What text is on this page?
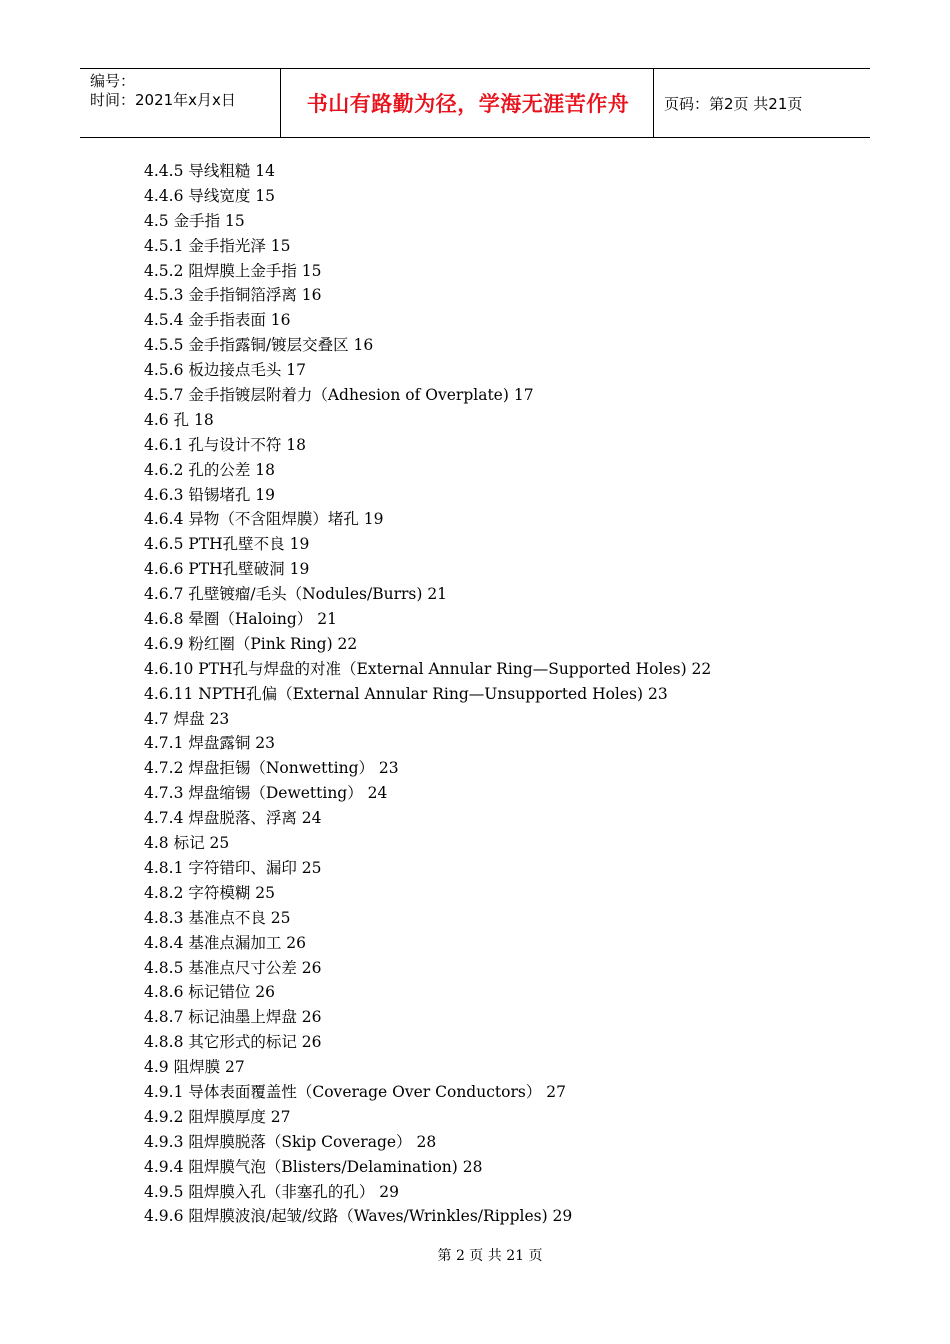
编号：
时间：2021年x月x日	书山有路勤为径，学海无涯苦作舟 页码：第2页 共21页
4.4.5 导线粗糙 14
4.4.6 导线宽度 15
4.5 金手指 15
4.5.1 金手指光泽 15
4.5.2 阻焊膜上金手指 15
4.5.3 金手指铜箔浮离 16
4.5.4 金手指表面 16
4.5.5 金手指露铜/镀层交叠区 16
4.5.6 板边接点毛头 17
4.5.7 金手指镀层附着力（Adhesion of Overplate) 17
4.6 孔 18
4.6.1 孔与设计不符 18
4.6.2 孔的公差 18
4.6.3 铅锡堵孔 19
4.6.4 异物（不含阻焊膜）堵孔 19
4.6.5 PTH孔壁不良 19
4.6.6 PTH孔壁破洞 19
4.6.7 孔壁镀瘤/毛头（Nodules/Burrs) 21
4.6.8 晕圈（Haloing） 21
4.6.9 粉红圈（Pink Ring) 22
4.6.10 PTH孔与焊盘的对准（External Annular Ring—Supported Holes) 22
4.6.11 NPTH孔偏（External Annular Ring—Unsupported Holes) 23
4.7 焊盘 23
4.7.1 焊盘露铜 23
4.7.2 焊盘拒锡（Nonwetting） 23
4.7.3 焊盘缩锡（Dewetting） 24
4.7.4 焊盘脱落、浮离 24
4.8 标记 25
4.8.1 字符错印、漏印 25
4.8.2 字符模糊 25
4.8.3 基准点不良 25
4.8.4 基准点漏加工 26
4.8.5 基准点尺寸公差 26
4.8.6 标记错位 26
4.8.7 标记油墨上焊盘 26
4.8.8 其它形式的标记 26
4.9 阻焊膜 27
4.9.1 导体表面覆盖性（Coverage Over Conductors） 27
4.9.2 阻焊膜厚度 27
4.9.3 阻焊膜脱落（Skip Coverage） 28
4.9.4 阻焊膜气泡（Blisters/Delamination) 28
4.9.5 阻焊膜入孔（非塞孔的孔） 29
4.9.6 阻焊膜波浪/起皱/纹路（Waves/Wrinkles/Ripples) 29
第 2 页 共 21 页
